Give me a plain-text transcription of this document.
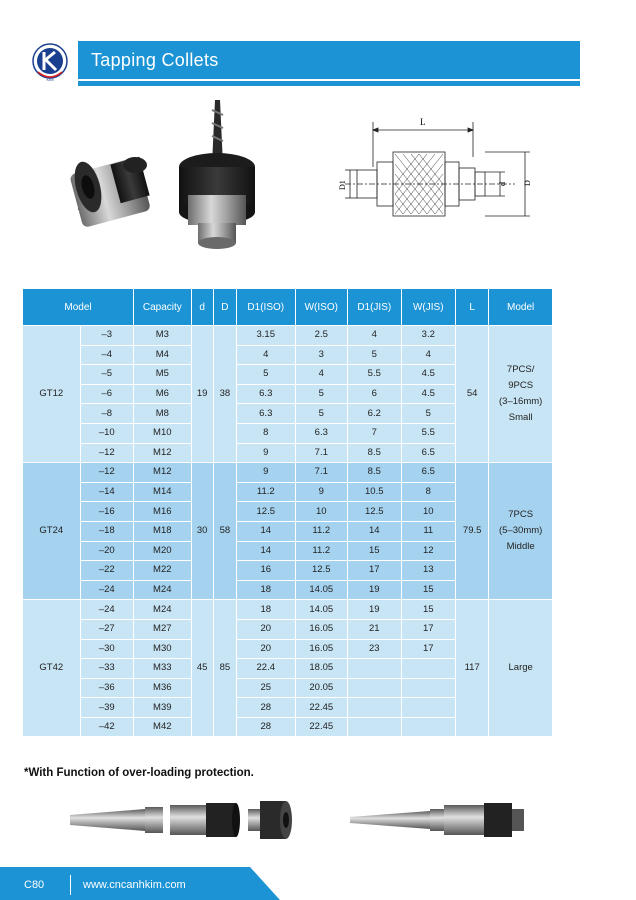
KIM
Tapping Collets
L
D1	d D
Model		Capacity	d	D	D1(ISO)	W(ISO)	D1(JIS)	W(JIS)	L	Model
GT12	–3	M3	19	38	3.15	2.5	4	3.2	54	7PCS/
9PCS
(3–16mm)
Small

	–4	M4			4	3	5	4		
	–5	M5			5	4	5.5	4.5		
	–6	M6			6.3	5	6	4.5		
	–8	M8			6.3	5	6.2	5		
	–10	M10			8	6.3	7	5.5		
	–12	M12			9	7.1	8.5	6.5		
GT24	–12	M12	30	58	9	7.1	8.5	6.5	79.5	7PCS
(5–30mm)
Middle

	–14	M14			11.2	9	10.5	8		
	–16	M16			12.5	10	12.5	10		
	–18	M18			14	11.2	14	11		
	–20	M20			14	11.2	15	12		
	–22	M22			16	12.5	17	13		
	–24	M24			18	14.05	19	15		
GT42	–24	M24	45	85	18	14.05	19	15	117	Large

	–27	M27			20	16.05	21	17		
	–30	M30			20	16.05	23	17		
	–33	M33			22.4	18.05				
	–36	M36			25	20.05				
	–39	M39			28	22.45				
	–42	M42			28	22.45				
*With Function of over-loading protection.
C80	www.cncanhkim.com
